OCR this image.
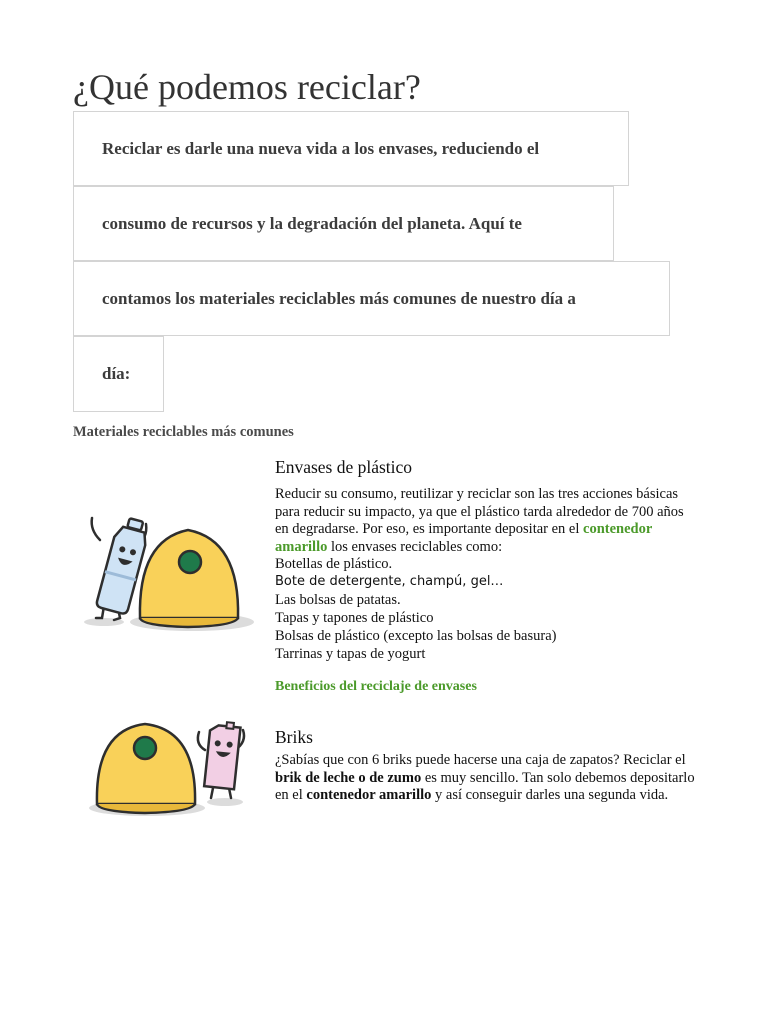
¿Qué podemos reciclar?
Reciclar es darle una nueva vida a los envases, reduciendo el
consumo de recursos y la degradación del planeta. Aquí te
contamos los materiales reciclables más comunes de nuestro día a
día:
Materiales reciclables más comunes
Envases de plástico
Reducir su consumo, reutilizar y reciclar son las tres acciones básicas para reducir su impacto, ya que el plástico tarda alrededor de 700 años en degradarse. Por eso, es importante depositar en el contenedor amarillo los envases reciclables como:
Botellas de plástico.
Bote de detergente, champú, gel…
Las bolsas de patatas.
Tapas y tapones de plástico
Bolsas de plástico (excepto las bolsas de basura)
Tarrinas y tapas de yogurt
Beneficios del reciclaje de envases
Briks
¿Sabías que con 6 briks puede hacerse una caja de zapatos? Reciclar el brik de leche o de zumo es muy sencillo. Tan solo debemos depositarlo en el contenedor amarillo y así conseguir darles una segunda vida.
